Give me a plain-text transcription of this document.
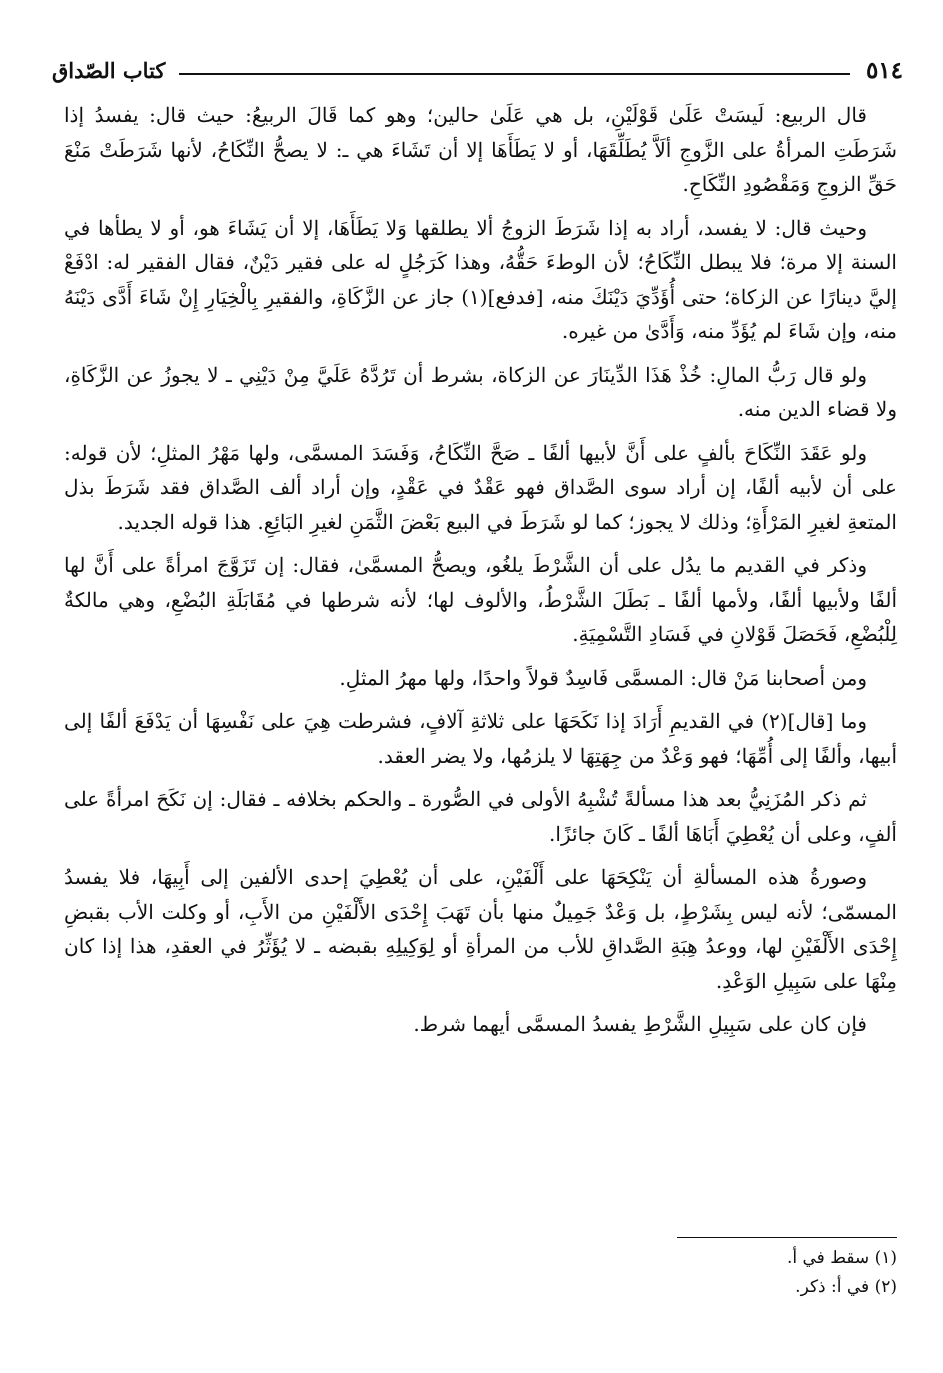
٥١٤
كتاب الصّداق

قال الربيع: لَيسَتْ عَلَىٰ قَوْلَيْنِ، بل هي عَلَىٰ حالين؛ وهو كما قَالَ الربيعُ: حيث قال: يفسدُ إذا شَرَطَتِ المرأةُ على الزَّوجِ ألَاَّ يُطَلِّقَهَا، أو لا يَطَأَهَا إلا أن تَشَاءَ هي ـ: لا يصحُّ النِّكَاحُ، لأنها شَرَطَتْ مَنْعَ حَقِّ الزوجِ وَمَقْصُودِ النِّكَاحِ.

وحيث قال: لا يفسد، أراد به إذا شَرَطَ الزوجُ ألا يطلقها وَلا يَطَأَهَا، إلا أن يَشَاءَ هو، أو لا يطأها في السنة إلا مرة؛ فلا يبطل النِّكَاحُ؛ لأن الوطءَ حَقُّهُ، وهذا كَرَجُلٍ له على فقير دَيْنٌ، فقال الفقير له: ادْفَعْ إليَّ دينارًا عن الزكاة؛ حتى أُؤَدِّيَ دَيْنَكَ منه، [فدفع](١) جاز عن الزَّكَاةِ، والفقيرِ بِالْخِيَارِ إِنْ شَاءَ أَدَّى دَيْنَهُ منه، وإن شَاءَ لم يُؤَدِّ منه، وَأَدَّىٰ من غيره.

ولو قال رَبُّ المالِ: خُذْ هَذَا الدِّينَارَ عن الزكاة، بشرط أن تَرُدَّهُ عَلَيَّ مِنْ دَيْنِي ـ لا يجوزُ عن الزَّكَاةِ، ولا قضاء الدين منه.

ولو عَقَدَ النِّكَاحَ بألفٍ على أَنَّ لأبيها ألفًا ـ صَحَّ النِّكَاحُ، وَفَسَدَ المسمَّى، ولها مَهْرُ المثلِ؛ لأن قوله: على أن لأبيه ألفًا، إن أراد سوى الصَّداق فهو عَقْدٌ في عَقْدٍ، وإن أراد ألف الصَّداق فقد شَرَطَ بذل المتعةِ لغيرِ المَرْأَةِ؛ وذلك لا يجوز؛ كما لو شَرَطَ في البيع بَعْضَ الثَّمَنِ لغيرِ البَائِعِ. هذا قوله الجديد.

وذكر في القديم ما يدُل على أن الشَّرْطَ يلغُو، ويصحُّ المسمَّىٰ، فقال: إن تَزَوَّجَ امرأةً على أَنَّ لها ألفًا ولأبيها ألفًا، ولأمها ألفًا ـ بَطَلَ الشَّرْطُ، والألوف لها؛ لأنه شرطها في مُقَابَلَةِ البُضْعِ، وهي مالكةٌ لِلْبُضْعِ، فَحَصَلَ قَوْلانِ في فَسَادِ التَّسْمِيَةِ.

ومن أصحابنا مَنْ قال: المسمَّى فَاسِدٌ قولاً واحدًا، ولها مهرُ المثلِ.

وما [قال](٢) في القديمِ أَرَادَ إذا نَكَحَهَا على ثلاثةِ آلافٍ، فشرطت هِيَ على نَفْسِهَا أن يَدْفَعَ ألفًا إلى أبيها، وألفًا إلى أُمِّهَا؛ فهو وَعْدٌ من جِهَتِهَا لا يلزمُها، ولا يضر العقد.

ثم ذكر المُزَنِيُّ بعد هذا مسألةً تُشْبِهُ الأولى في الصُّورة ـ والحكم بخلافه ـ فقال: إن نَكَحَ امرأةً على ألفٍ، وعلى أن يُعْطِيَ أَبَاهَا ألفًا ـ كَانَ جائزًا.

وصورةُ هذه المسألةِ أن يَنْكِحَهَا على أَلْفَيْنِ، على أن يُعْطِيَ إحدى الألفين إلى أَبِيهَا، فلا يفسدُ المسمّى؛ لأنه ليس بِشَرْطٍ، بل وَعْدٌ جَمِيلٌ منها بأن تَهَبَ إِحْدَى الأَلْفَيْنِ من الأَبِ، أو وكلت الأب بقبضِ إِحْدَى الأَلْفَيْنِ لها، ووعدُ هِبَةِ الصَّداقِ للأب من المرأةِ أو لِوَكِيلِهِ بقبضه ـ لا يُؤَثِّرُ في العقدِ، هذا إذا كان مِنْهَا على سَبِيلِ الوَعْدِ.

فإن كان على سَبِيلِ الشَّرْطِ يفسدُ المسمَّى أيهما شرط.

(١) سقط في أ.

(٢) في أ: ذكر.
